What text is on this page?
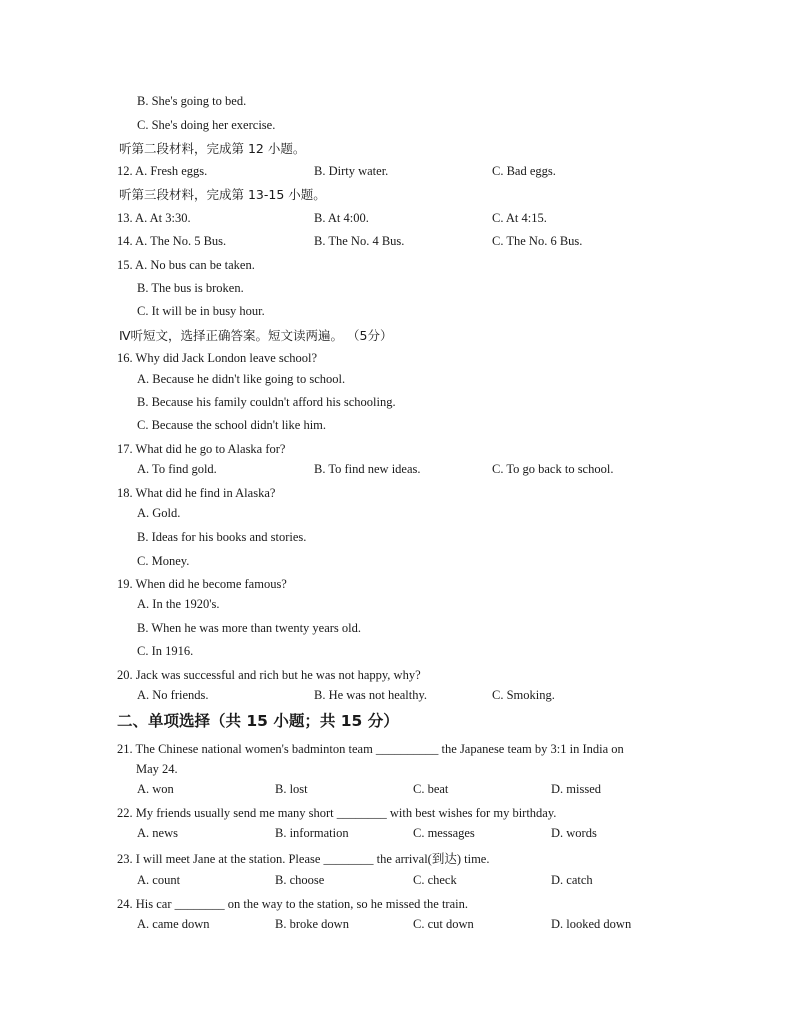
B. She's going to bed.
C. She's doing her exercise.
听第二段材料，完成第 12 小题。
12. A. Fresh eggs.	B. Dirty water.	C. Bad eggs.
听第三段材料，完成第 13-15 小题。
13. A. At 3:30.	B. At 4:00.	C. At 4:15.
14. A. The No. 5 Bus.	B. The No. 4 Bus.	C. The No. 6 Bus.
15. A. No bus can be taken.
B. The bus is broken.
C. It will be in busy hour.
Ⅳ听短文，选择正确答案。短文读两遍。 （5分）
16. Why did Jack London leave school?
A. Because he didn't like going to school.
B. Because his family couldn't afford his schooling.
C. Because the school didn't like him.
17. What did he go to Alaska for?
A. To find gold.	B. To find new ideas.	C. To go back to school.
18. What did he find in Alaska?
A. Gold.
B. Ideas for his books and stories.
C. Money.
19. When did he become famous?
A. In the 1920's.
B. When he was more than twenty years old.
C. In 1916.
20. Jack was successful and rich but he was not happy, why?
A. No friends.	B. He was not healthy.	C. Smoking.
二、单项选择（共 15 小题；共 15 分）
21. The Chinese national women's badminton team __________ the Japanese team by 3:1 in India on
May 24.
A. won	B. lost	C. beat	D. missed
22. My friends usually send me many short ________ with best wishes for my birthday.
A. news	B. information	C. messages	D. words
23. I will meet Jane at the station. Please ________ the arrival(到达) time.
A. count	B. choose	C. check	D. catch
24. His car ________ on the way to the station, so he missed the train.
A. came down	B. broke down	C. cut down	D. looked down
